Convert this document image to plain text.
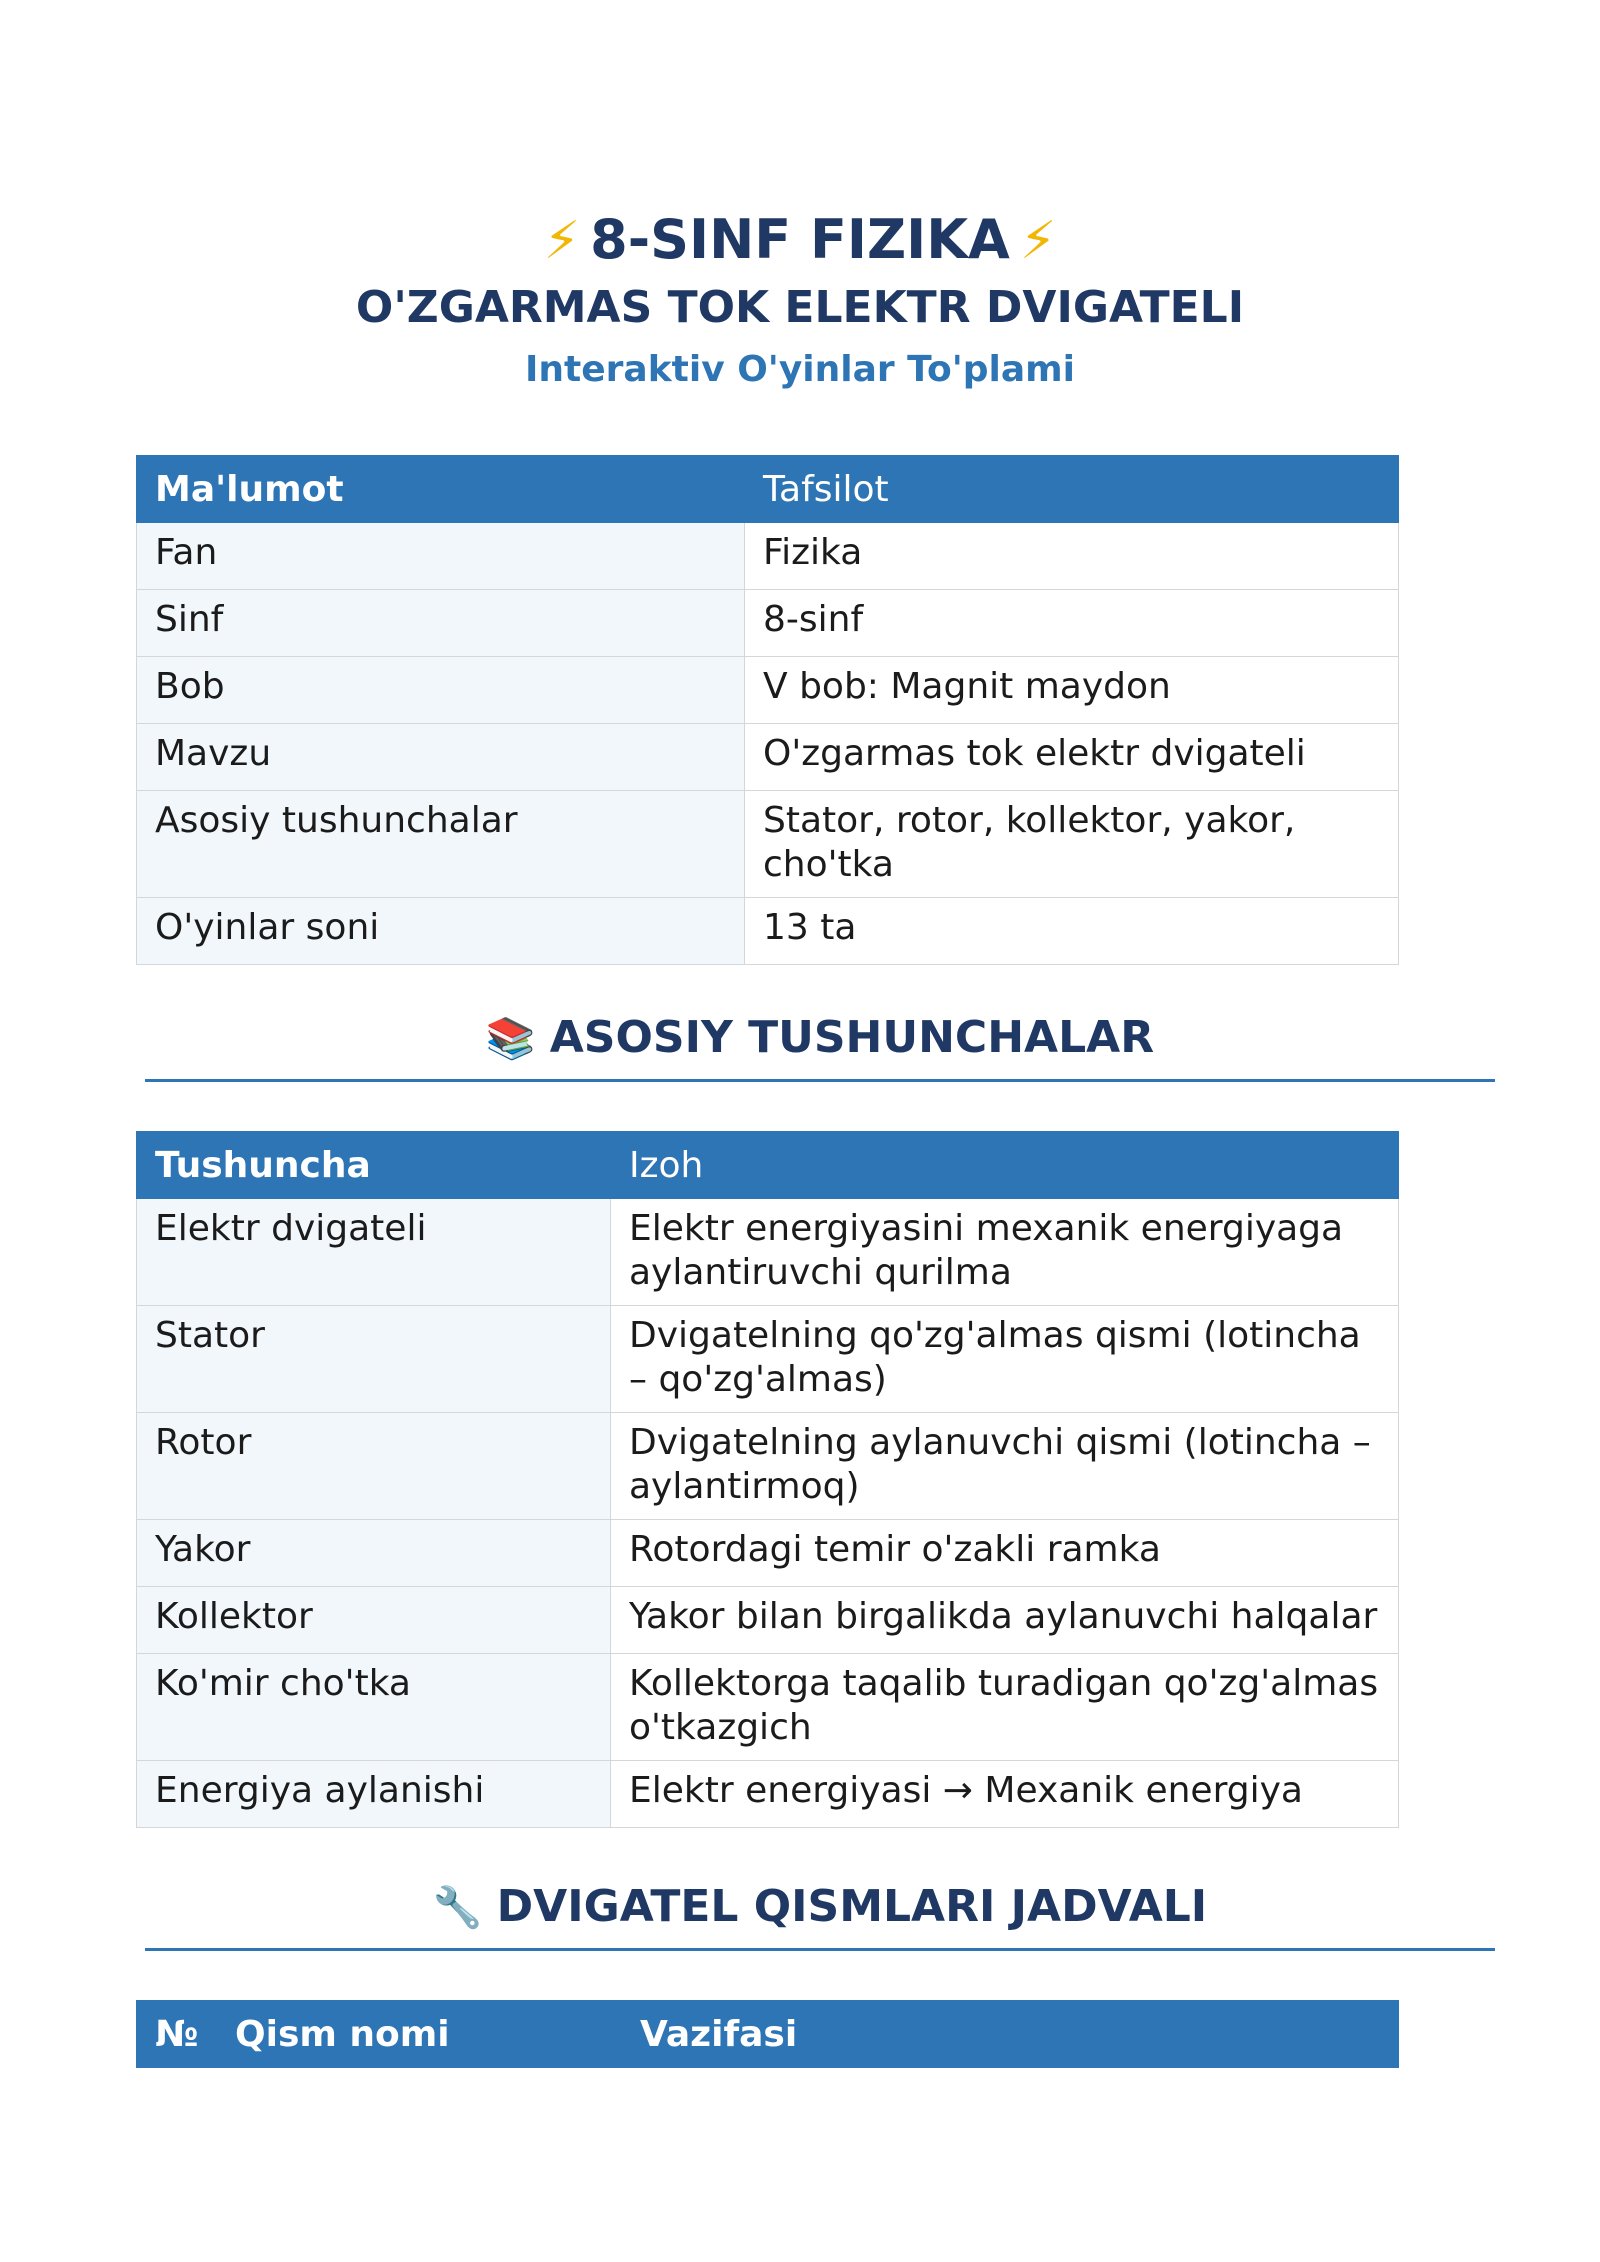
⚡ 8-SINF FIZIKA ⚡
O'ZGARMAS TOK ELEKTR DVIGATELI
Interaktiv O'yinlar To'plami
Ma'lumot	Tafsilot
Fan	Fizika
Sinf	8-sinf
Bob	V bob: Magnit maydon
Mavzu	O'zgarmas tok elektr dvigateli
Asosiy tushunchalar	Stator, rotor, kollektor, yakor, cho'tka
O'yinlar soni	13 ta
📚 ASOSIY TUSHUNCHALAR
Tushuncha	Izoh
Elektr dvigateli	Elektr energiyasini mexanik energiyaga aylantiruvchi qurilma
Stator	Dvigatelning qo'zg'almas qismi (lotincha – qo'zg'almas)
Rotor	Dvigatelning aylanuvchi qismi (lotincha – aylantirmoq)
Yakor	Rotordagi temir o'zakli ramka
Kollektor	Yakor bilan birgalikda aylanuvchi halqalar
Ko'mir cho'tka	Kollektorga taqalib turadigan qo'zg'almas o'tkazgich
Energiya aylanishi	Elektr energiyasi → Mexanik energiya
🔧 DVIGATEL QISMLARI JADVALI
№	Qism nomi	Vazifasi
